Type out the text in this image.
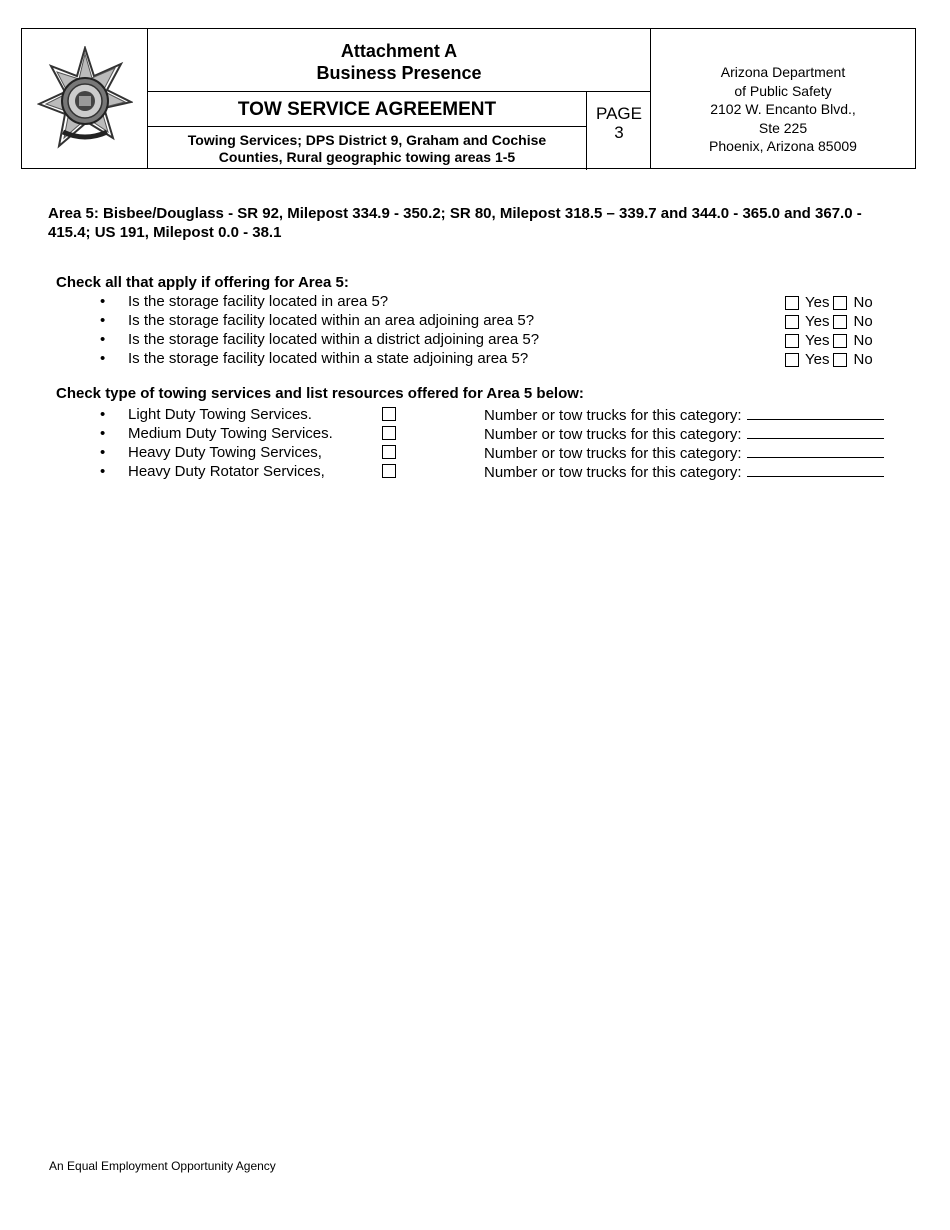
Attachment A
Business Presence
TOW SERVICE AGREEMENT
Towing Services; DPS District 9, Graham and Cochise
Counties, Rural geographic towing areas 1-5
PAGE
3
Arizona Department
of Public Safety
2102 W. Encanto Blvd.,
Ste 225
Phoenix, Arizona 85009
Area 5: Bisbee/Douglass - SR 92, Milepost 334.9 - 350.2; SR 80, Milepost 318.5 – 339.7 and 344.0 - 365.0 and 367.0 - 415.4; US 191, Milepost 0.0 - 38.1
Check all that apply if offering for Area 5:
• Is the storage facility located in area 5?	Yes No
• Is the storage facility located within an area adjoining area 5?	Yes No
• Is the storage facility located within a district adjoining area 5?	Yes No
• Is the storage facility located within a state adjoining area 5?	Yes No
Check type of towing services and list resources offered for Area 5 below:
• Light Duty Towing Services.	Number or tow trucks for this category:
• Medium Duty Towing Services.	Number or tow trucks for this category:
• Heavy Duty Towing Services,	Number or tow trucks for this category:
• Heavy Duty Rotator Services,	Number or tow trucks for this category:
An Equal Employment Opportunity Agency
